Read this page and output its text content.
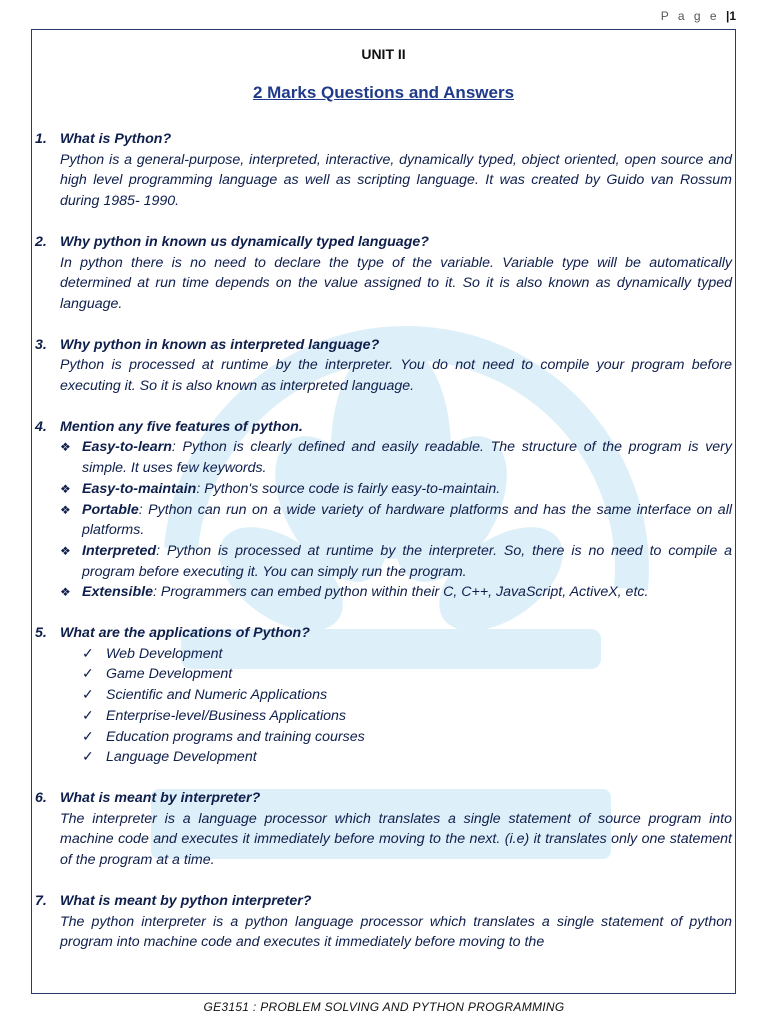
P a g e |1
UNIT II
2 Marks Questions and Answers
1. What is Python?
Python is a general-purpose, interpreted, interactive, dynamically typed, object oriented, open source and high level programming language as well as scripting language. It was created by Guido van Rossum during 1985- 1990.
2. Why python in known us dynamically typed language?
In python there is no need to declare the type of the variable. Variable type will be automatically determined at run time depends on the value assigned to it. So it is also known as dynamically typed language.
3. Why python in known as interpreted language?
Python is processed at runtime by the interpreter. You do not need to compile your program before executing it. So it is also known as interpreted language.
4. Mention any five features of python.
❖ Easy-to-learn: Python is clearly defined and easily readable. The structure of the program is very simple. It uses few keywords.
❖ Easy-to-maintain: Python's source code is fairly easy-to-maintain.
❖ Portable: Python can run on a wide variety of hardware platforms and has the same interface on all platforms.
❖ Interpreted: Python is processed at runtime by the interpreter. So, there is no need to compile a program before executing it. You can simply run the program.
❖ Extensible: Programmers can embed python within their C, C++, JavaScript, ActiveX, etc.
5. What are the applications of Python?
✓ Web Development
✓ Game Development
✓ Scientific and Numeric Applications
✓ Enterprise-level/Business Applications
✓ Education programs and training courses
✓ Language Development
6. What is meant by interpreter?
The interpreter is a language processor which translates a single statement of source program into machine code and executes it immediately before moving to the next. (i.e) it translates only one statement of the program at a time.
7. What is meant by python interpreter?
The python interpreter is a python language processor which translates a single statement of python program into machine code and executes it immediately before moving to the
GE3151 : PROBLEM SOLVING AND PYTHON PROGRAMMING
